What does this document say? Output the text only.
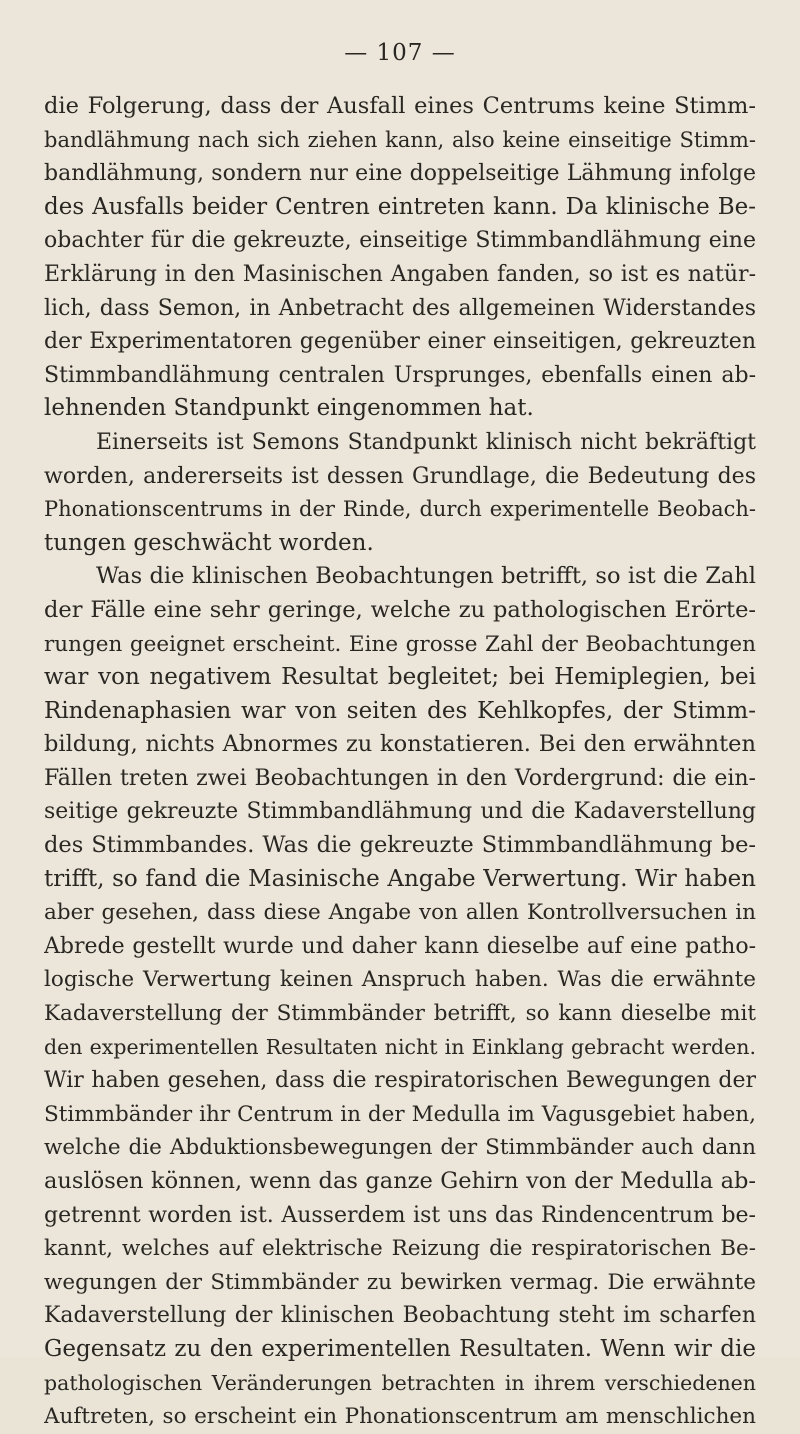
— 107 —
die Folgerung, dass der Ausfall eines Centrums keine Stimm-
bandlähmung nach sich ziehen kann, also keine einseitige Stimm-
bandlähmung, sondern nur eine doppelseitige Lähmung infolge
des Ausfalls beider Centren eintreten kann. Da klinische Be-
obachter für die gekreuzte, einseitige Stimmbandlähmung eine
Erklärung in den Masinischen Angaben fanden, so ist es natür-
lich, dass Semon, in Anbetracht des allgemeinen Widerstandes
der Experimentatoren gegenüber einer einseitigen, gekreuzten
Stimmbandlähmung centralen Ursprunges, ebenfalls einen ab-
lehnenden Standpunkt eingenommen hat.
Einerseits ist Semons Standpunkt klinisch nicht bekräftigt
worden, andererseits ist dessen Grundlage, die Bedeutung des
Phonationscentrums in der Rinde, durch experimentelle Beobach-
tungen geschwächt worden.
Was die klinischen Beobachtungen betrifft, so ist die Zahl
der Fälle eine sehr geringe, welche zu pathologischen Erörte-
rungen geeignet erscheint. Eine grosse Zahl der Beobachtungen
war von negativem Resultat begleitet; bei Hemiplegien, bei
Rindenaphasien war von seiten des Kehlkopfes, der Stimm-
bildung, nichts Abnormes zu konstatieren. Bei den erwähnten
Fällen treten zwei Beobachtungen in den Vordergrund: die ein-
seitige gekreuzte Stimmbandlähmung und die Kadaverstellung
des Stimmbandes. Was die gekreuzte Stimmbandlähmung be-
trifft, so fand die Masinische Angabe Verwertung. Wir haben
aber gesehen, dass diese Angabe von allen Kontrollversuchen in
Abrede gestellt wurde und daher kann dieselbe auf eine patho-
logische Verwertung keinen Anspruch haben. Was die erwähnte
Kadaverstellung der Stimmbänder betrifft, so kann dieselbe mit
den experimentellen Resultaten nicht in Einklang gebracht werden.
Wir haben gesehen, dass die respiratorischen Bewegungen der
Stimmbänder ihr Centrum in der Medulla im Vagusgebiet haben,
welche die Abduktionsbewegungen der Stimmbänder auch dann
auslösen können, wenn das ganze Gehirn von der Medulla ab-
getrennt worden ist. Ausserdem ist uns das Rindencentrum be-
kannt, welches auf elektrische Reizung die respiratorischen Be-
wegungen der Stimmbänder zu bewirken vermag. Die erwähnte
Kadaverstellung der klinischen Beobachtung steht im scharfen
Gegensatz zu den experimentellen Resultaten. Wenn wir die
pathologischen Veränderungen betrachten in ihrem verschiedenen
Auftreten, so erscheint ein Phonationscentrum am menschlichen
